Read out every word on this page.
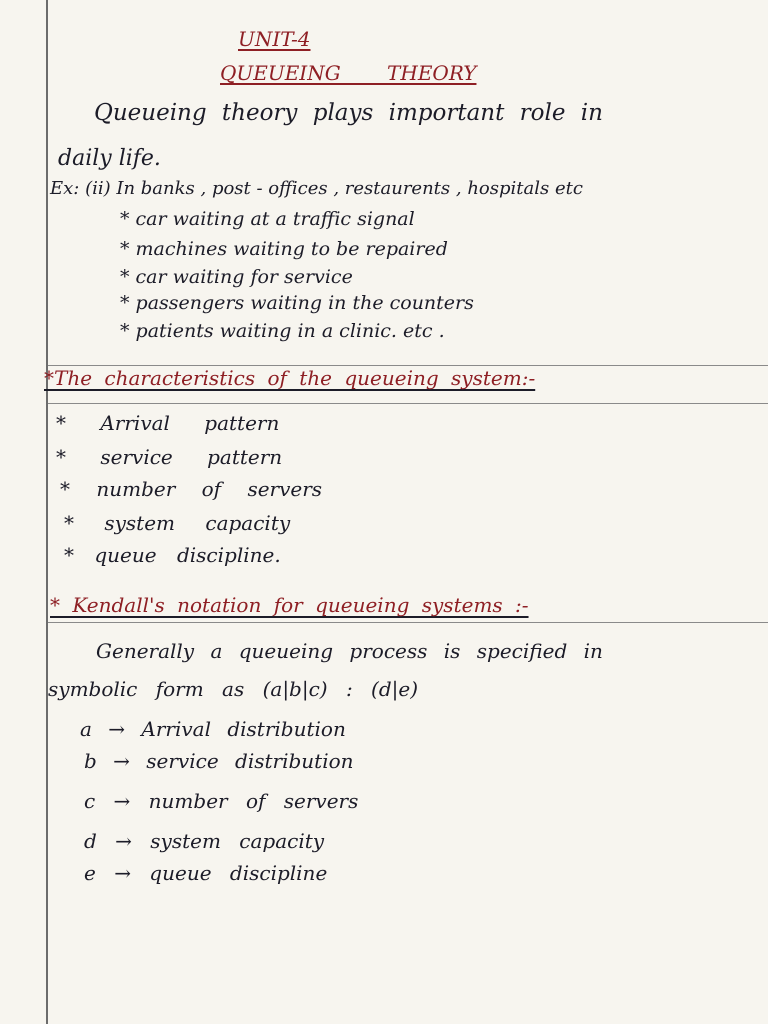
UNIT-4
QUEUEING THEORY
Queueing theory plays important role in
daily life.
Ex: (ii) In banks , post - offices , restaurents , hospitals etc
* car waiting at a traffic signal
* machines waiting to be repaired
* car waiting for service
* passengers waiting in the counters
* patients waiting in a clinic. etc .
*The characteristics of the queueing system:-
* Arrival pattern
* service pattern
* number of servers
* system capacity
* queue discipline.
* Kendall's notation for queueing systems :-
Generally a queueing process is specified in
symbolic form as (a|b|c) : (d|e)
a → Arrival distribution
b → service distribution
c → number of servers
d → system capacity
e → queue discipline
